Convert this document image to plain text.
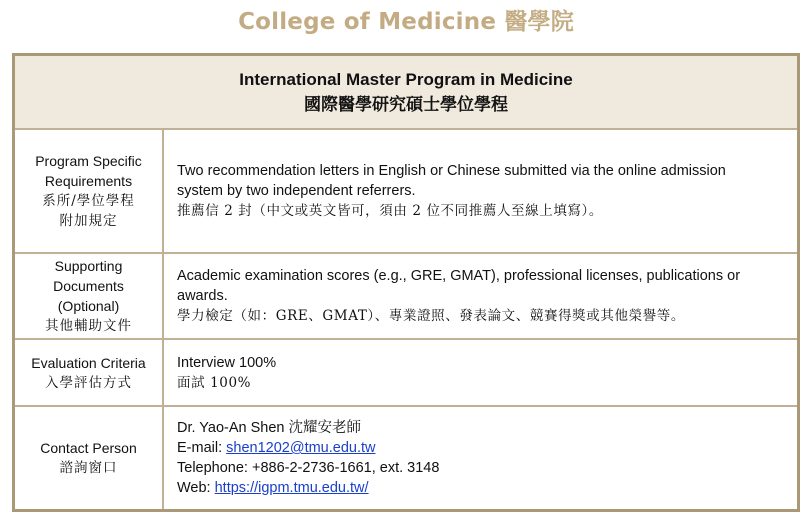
College of Medicine 醫學院
International Master Program in Medicine
國際醫學研究碩士學位學程
Program Specific
Requirements
系所/學位學程
附加規定
Two recommendation letters in English or Chinese submitted via the online admission
system by two independent referrers.
推薦信 2 封（中文或英文皆可，須由 2 位不同推薦人至線上填寫）。
Supporting
Documents
(Optional)
其他輔助文件
Academic examination scores (e.g., GRE, GMAT), professional licenses, publications or
awards.
學力檢定（如：GRE、GMAT）、專業證照、發表論文、競賽得獎或其他榮譽等。
Evaluation Criteria
入學評估方式
Interview 100%
面試 100%
Contact Person
諮詢窗口
Dr. Yao-An Shen 沈耀安老師
E-mail: shen1202@tmu.edu.tw
Telephone: +886-2-2736-1661, ext. 3148
Web: https://igpm.tmu.edu.tw/
